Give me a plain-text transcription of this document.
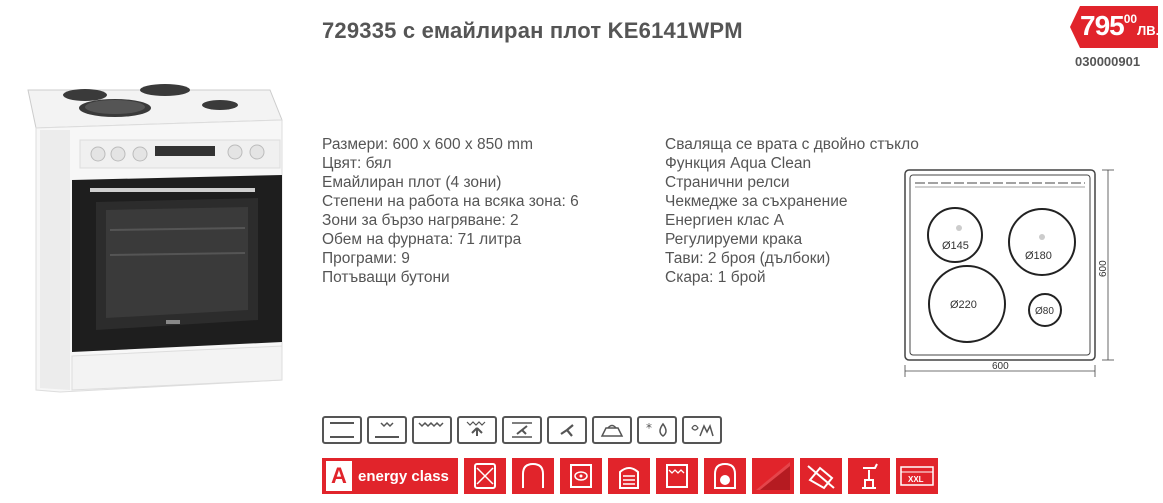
729335 с емайлиран плот KE6141WPM	$795^{00}ЛВ$.
030000901
Размери: 600 x 600 x 850 mm
Цвят: бял
Емайлиран плот (4 зони)
Степени на работа на всяка зона: 6
Зони за бързо нагряване: 2
Обем на фурната: 71 литра
Програми: 9
Потъващи бутони
Сваляща се врата с двойно стъкло
Функция Aqua Clean
Странични релси
Чекмедже за съхранение
Енергиен клас А
Регулируеми крака
Тави: 2 броя (дълбоки)
Скара: 1 брой
Ø145
Ø180
Ø220
Ø80
600
600
*
A energy class	XXL
